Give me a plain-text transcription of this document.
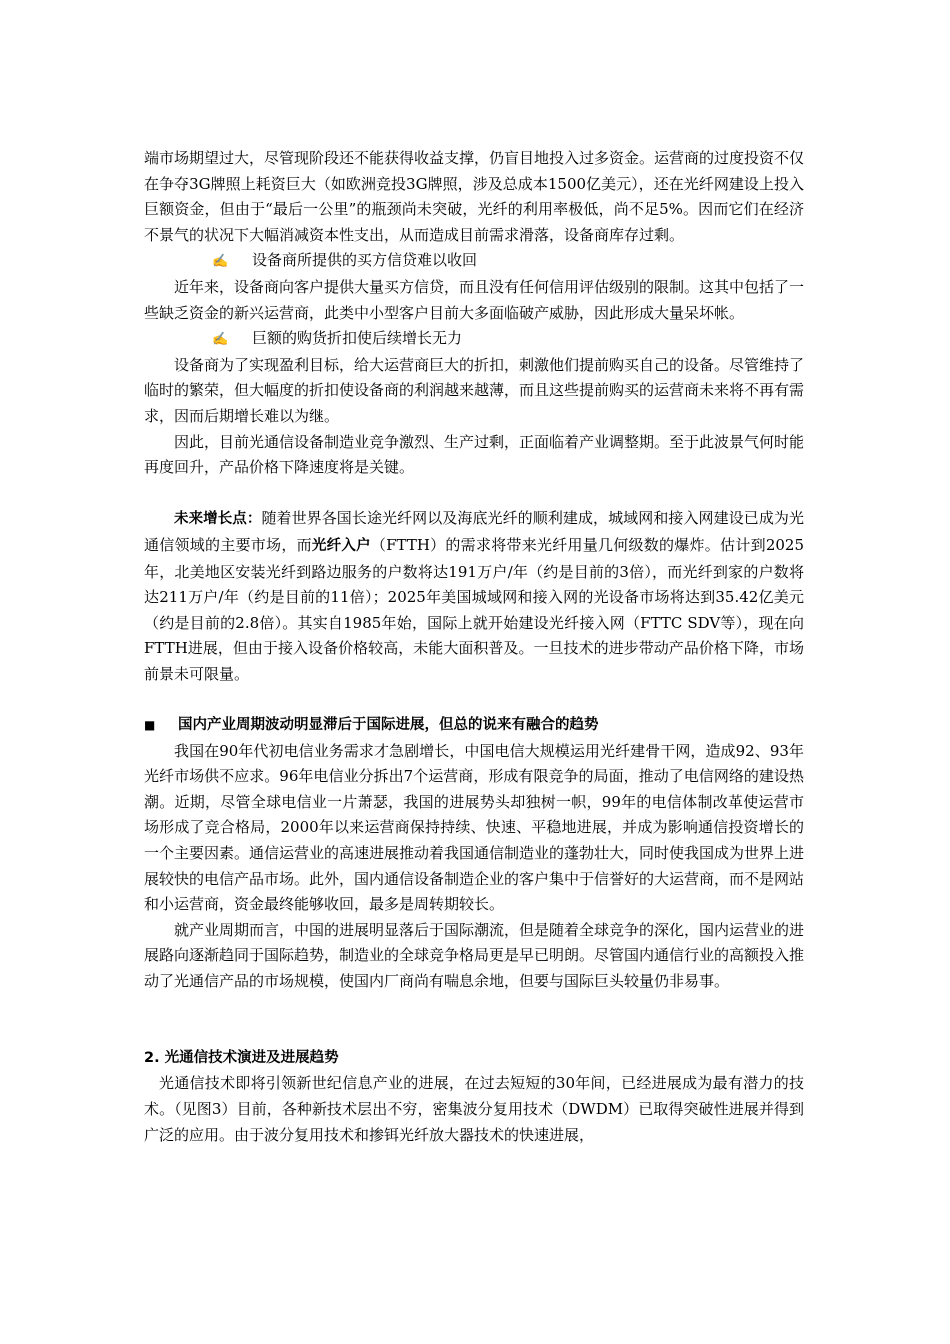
端市场期望过大，尽管现阶段还不能获得收益支撑，仍盲目地投入过多资金。运营商的过度投资不仅在争夺3G牌照上耗资巨大（如欧洲竞投3G牌照，涉及总成本1500亿美元），还在光纤网建设上投入巨额资金，但由于“最后一公里”的瓶颈尚未突破，光纤的利用率极低，尚不足5%。因而它们在经济不景气的状况下大幅消减资本性支出，从而造成目前需求滑落，设备商库存过剩。

✍ 设备商所提供的买方信贷难以收回

近年来，设备商向客户提供大量买方信贷，而且没有任何信用评估级别的限制。这其中包括了一些缺乏资金的新兴运营商，此类中小型客户目前大多面临破产威胁，因此形成大量呆坏帐。

✍ 巨额的购货折扣使后续增长无力

设备商为了实现盈利目标，给大运营商巨大的折扣，刺激他们提前购买自己的设备。尽管维持了临时的繁荣，但大幅度的折扣使设备商的利润越来越薄，而且这些提前购买的运营商未来将不再有需求，因而后期增长难以为继。

因此，目前光通信设备制造业竞争激烈、生产过剩，正面临着产业调整期。至于此波景气何时能再度回升，产品价格下降速度将是关键。

未来增长点：随着世界各国长途光纤网以及海底光纤的顺利建成，城域网和接入网建设已成为光通信领域的主要市场，而光纤入户（FTTH）的需求将带来光纤用量几何级数的爆炸。估计到2025年，北美地区安装光纤到路边服务的户数将达191万户/年（约是目前的3倍），而光纤到家的户数将达211万户/年（约是目前的11倍）；2025年美国城域网和接入网的光设备市场将达到35.42亿美元（约是目前的2.8倍）。其实自1985年始，国际上就开始建设光纤接入网（FTTC SDV等），现在向FTTH进展，但由于接入设备价格较高，未能大面积普及。一旦技术的进步带动产品价格下降，市场前景未可限量。

■ 国内产业周期波动明显滞后于国际进展，但总的说来有融合的趋势

我国在90年代初电信业务需求才急剧增长，中国电信大规模运用光纤建骨干网，造成92、93年光纤市场供不应求。96年电信业分拆出7个运营商，形成有限竞争的局面，推动了电信网络的建设热潮。近期，尽管全球电信业一片萧瑟，我国的进展势头却独树一帜，99年的电信体制改革使运营市场形成了竞合格局，2000年以来运营商保持持续、快速、平稳地进展，并成为影响通信投资增长的一个主要因素。通信运营业的高速进展推动着我国通信制造业的蓬勃壮大，同时使我国成为世界上进展较快的电信产品市场。此外，国内通信设备制造企业的客户集中于信誉好的大运营商，而不是网站和小运营商，资金最终能够收回，最多是周转期较长。

就产业周期而言，中国的进展明显落后于国际潮流，但是随着全球竞争的深化，国内运营业的进展路向逐渐趋同于国际趋势，制造业的全球竞争格局更是早已明朗。尽管国内通信行业的高额投入推动了光通信产品的市场规模，使国内厂商尚有喘息余地，但要与国际巨头较量仍非易事。

2. 光通信技术演进及进展趋势

光通信技术即将引领新世纪信息产业的进展，在过去短短的30年间，已经进展成为最有潜力的技术。（见图3）目前，各种新技术层出不穷，密集波分复用技术（DWDM）已取得突破性进展并得到广泛的应用。由于波分复用技术和掺铒光纤放大器技术的快速进展，
